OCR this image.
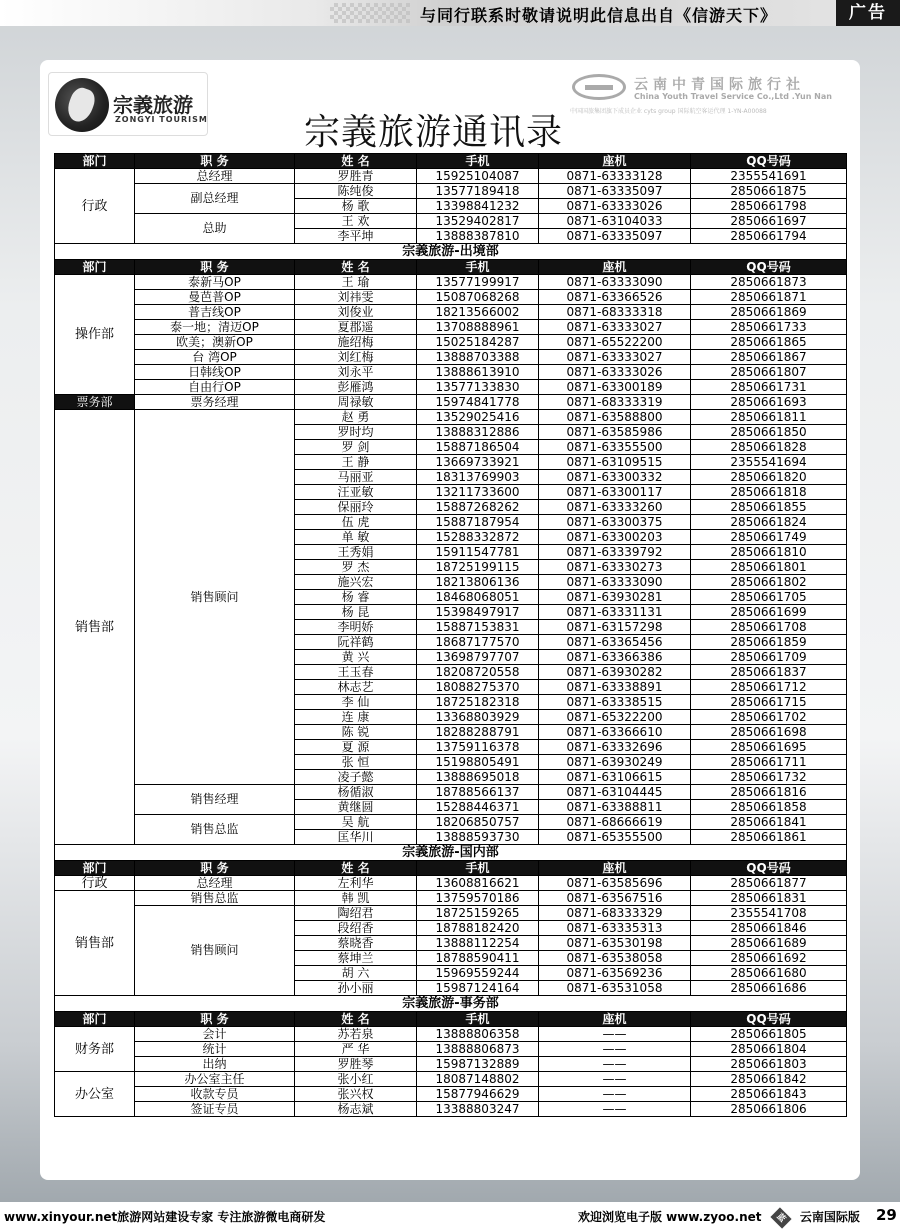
与同行联系时敬请说明此信息出自《信游天下》	广告
宗義旅游
ZONGYI TOURISM
云南中青国际旅行社
China Youth Travel Service Co.,Ltd .Yun Nan
中国国旅集团旗下成员企业 cyts group 国际航空客运代理 1-YN-A00088
宗義旅游通讯录
部门	职 务	姓 名	手机	座机	QQ号码
行政	总经理	罗胜青	15925104087	0871-63333128	2355541691
	副总经理	陈纯俊	13577189418	0871-63335097	2850661875
		杨 歌	13398841232	0871-63333026	2850661798
	总助	王 欢	13529402817	0871-63104033	2850661697
		李平坤	13888387810	0871-63335097	2850661794
宗義旅游-出境部					
部门	职 务	姓 名	手机	座机	QQ号码
操作部	泰新马OP	王 瑜	13577199917	0871-63333090	2850661873
	曼芭普OP	刘祎雯	15087068268	0871-63366526	2850661871
	普吉线OP	刘俊业	18213566002	0871-68333318	2850661869
	泰一地；清迈OP	夏郡遥	13708888961	0871-63333027	2850661733
	欧美；澳新OP	施绍梅	15025184287	0871-65522200	2850661865
	台 湾OP	刘红梅	13888703388	0871-63333027	2850661867
	日韩线OP	刘永平	13888613910	0871-63333026	2850661807
	自由行OP	彭雁鸿	13577133830	0871-63300189	2850661731
票务部	票务经理	周禄敏	15974841778	0871-68333319	2850661693
销售部	销售顾问	赵 勇	13529025416	0871-63588800	2850661811
		罗时均	13888312886	0871-63585986	2850661850
		罗 剑	15887186504	0871-63355500	2850661828
		王 静	13669733921	0871-63109515	2355541694
		马丽亚	18313769903	0871-63300332	2850661820
		汪亚敏	13211733600	0871-63300117	2850661818
		保丽玲	15887268262	0871-63333260	2850661855
		伍 虎	15887187954	0871-63300375	2850661824
		单 敏	15288332872	0871-63300203	2850661749
		王秀娟	15911547781	0871-63339792	2850661810
		罗 杰	18725199115	0871-63330273	2850661801
		施兴宏	18213806136	0871-63333090	2850661802
		杨 睿	18468068051	0871-63930281	2850661705
		杨 昆	15398497917	0871-63331131	2850661699
		李明娇	15887153831	0871-63157298	2850661708
		阮祥鹤	18687177570	0871-63365456	2850661859
		黄 兴	13698797707	0871-63366386	2850661709
		王玉春	18208720558	0871-63930282	2850661837
		林志艺	18088275370	0871-63338891	2850661712
		李 仙	18725182318	0871-63338515	2850661715
		连 康	13368803929	0871-65322200	2850661702
		陈 锐	18288288791	0871-63366610	2850661698
		夏 源	13759116378	0871-63332696	2850661695
		张 恒	15198805491	0871-63930249	2850661711
		凌子懿	13888695018	0871-63106615	2850661732
	销售经理	杨循淑	18788566137	0871-63104445	2850661816
		黄继圆	15288446371	0871-63388811	2850661858
	销售总监	吴 航	18206850757	0871-68666619	2850661841
		匡华川	13888593730	0871-65355500	2850661861
宗義旅游-国内部					
部门	职 务	姓 名	手机	座机	QQ号码
行政	总经理	左利华	13608816621	0871-63585696	2850661877
销售部	销售总监	韩 凯	13759570186	0871-63567516	2850661831
	销售顾问	陶绍君	18725159265	0871-68333329	2355541708
		段绍香	18788182420	0871-63335313	2850661846
		蔡晓香	13888112254	0871-63530198	2850661689
		蔡坤兰	18788590411	0871-63538058	2850661692
		胡 六	15969559244	0871-63569236	2850661680
		孙小丽	15987124164	0871-63531058	2850661686
宗義旅游-事务部					
部门	职 务	姓 名	手机	座机	QQ号码
财务部	会计	苏若泉	13888806358	——	2850661805
	统计	严 华	13888806873	——	2850661804
	出纳	罗胜琴	15987132889	——	2850661803
办公室	办公室主任	张小红	18087148802	——	2850661842
	收款专员	张兴权	15877946629	——	2850661843
	签证专员	杨志斌	13388803247	——	2850661806
www.xinyour.net旅游网站建设专家 专注旅游微电商研发	欢迎浏览电子版 www.zyoo.net 蓝 云南国际版 29
